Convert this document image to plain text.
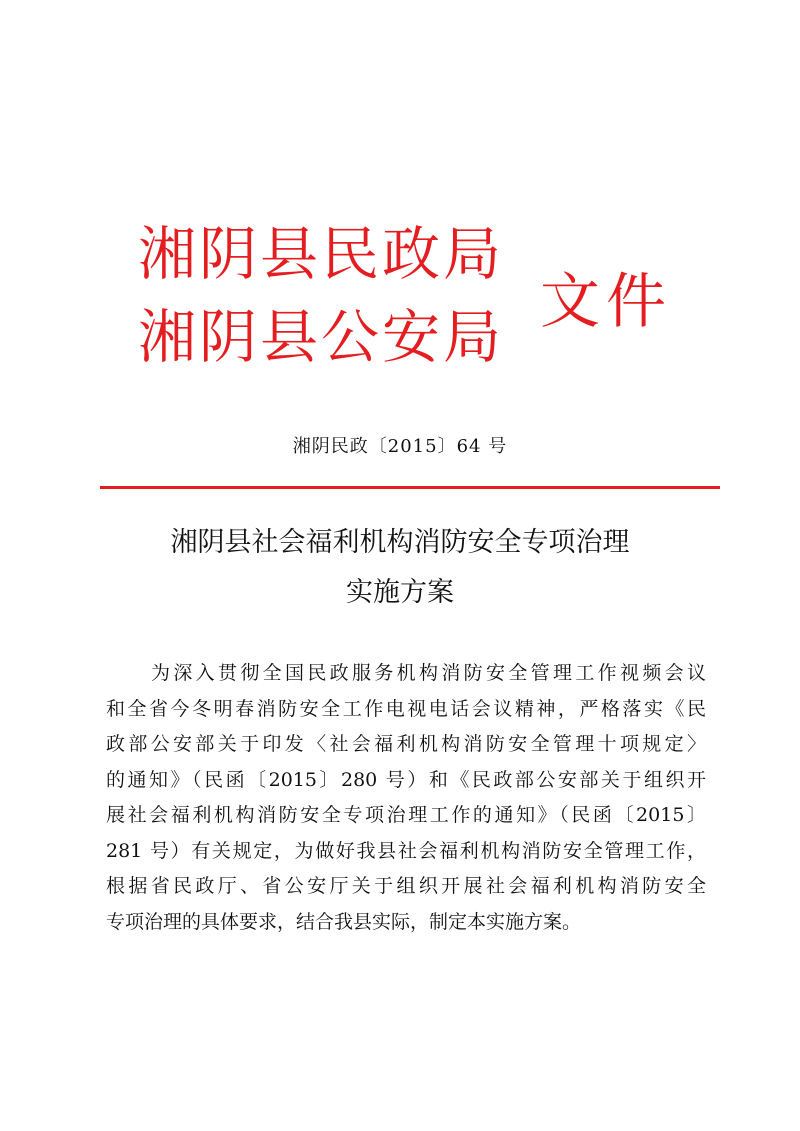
湘阴县民政局
湘阴县公安局 文件
湘阴民政〔2015〕64 号
湘阴县社会福利机构消防安全专项治理
实施方案
为深入贯彻全国民政服务机构消防安全管理工作视频会议
和全省今冬明春消防安全工作电视电话会议精神，严格落实《民
政部公安部关于印发〈社会福利机构消防安全管理十项规定〉
的通知》（民函〔2015〕280 号）和《民政部公安部关于组织开
展社会福利机构消防安全专项治理工作的通知》（民函〔2015〕
281 号）有关规定，为做好我县社会福利机构消防安全管理工作，
根据省民政厅、省公安厅关于组织开展社会福利机构消防安全
专项治理的具体要求，结合我县实际，制定本实施方案。
